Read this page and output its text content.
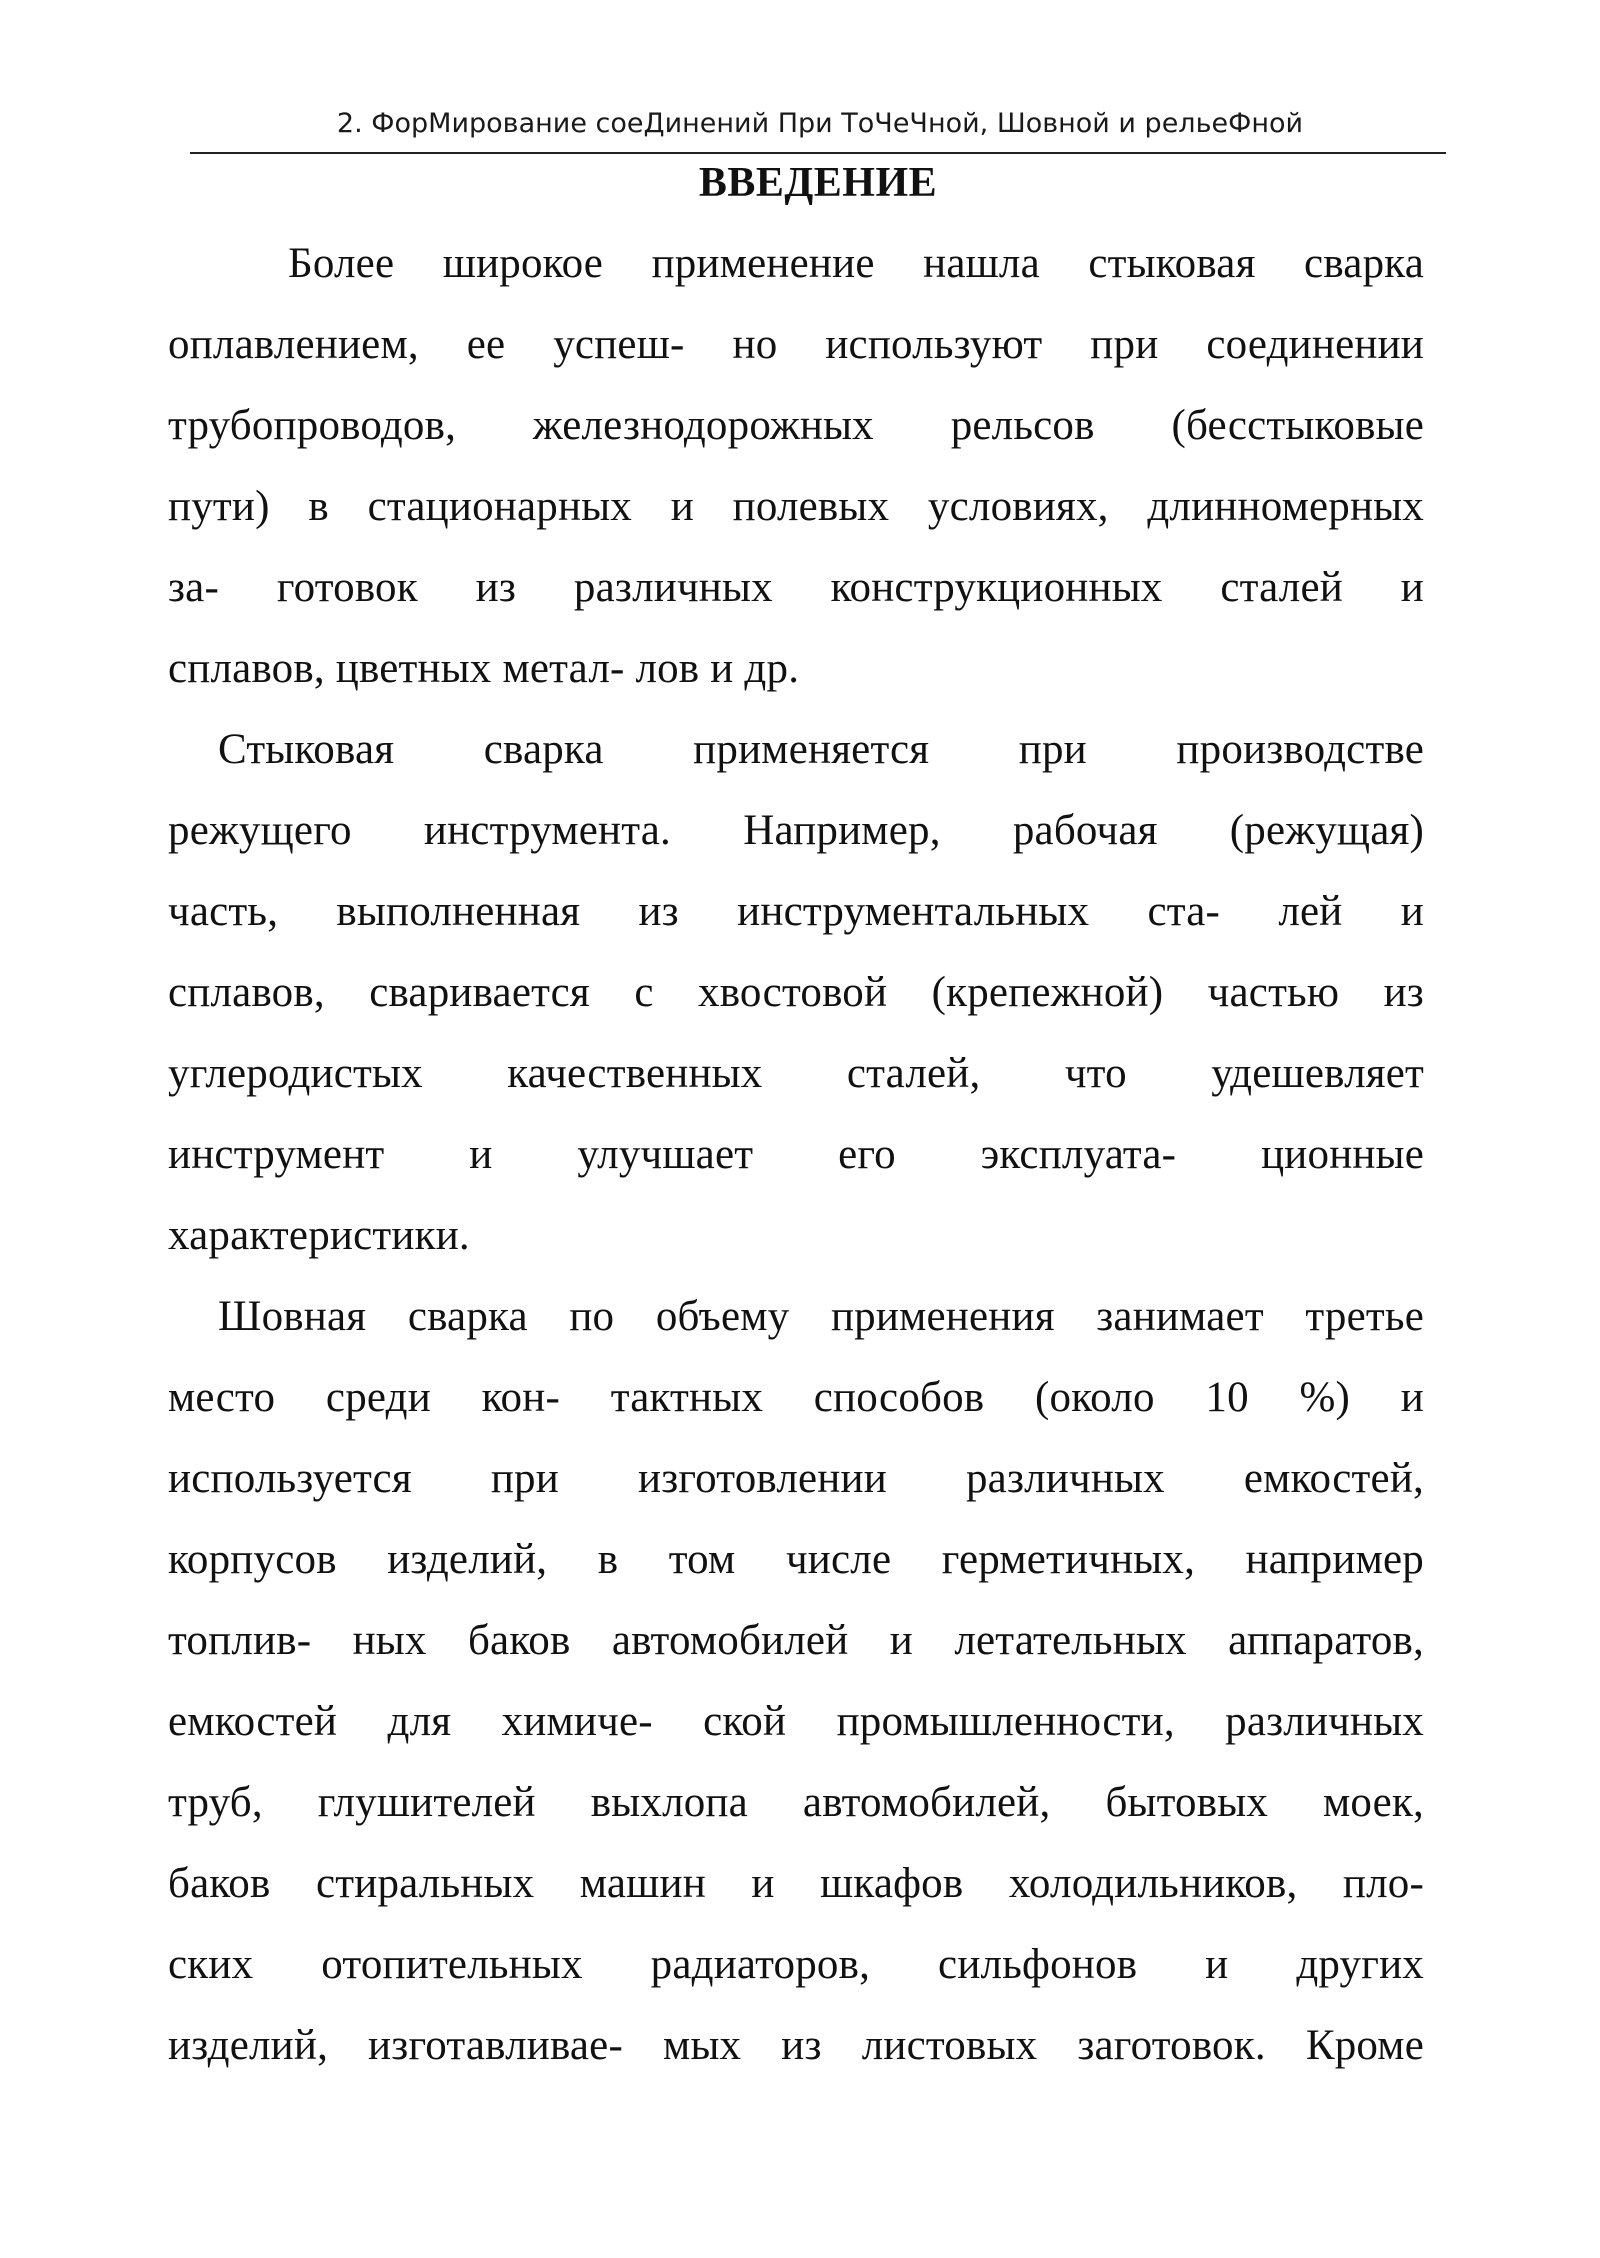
2. ФорМирование соеДинений При ТоЧеЧной, Шовной и рельеФной
ВВЕДЕНИЕ
Более широкое применение нашла стыковая сварка
оплавлением, ее успеш- но используют при соединении
трубопроводов, железнодорожных рельсов (бесстыковые
пути) в стационарных и полевых условиях, длинномерных
за- готовок из различных конструкционных сталей и
сплавов, цветных метал- лов и др.
Стыковая сварка применяется при производстве
режущего инструмента. Например, рабочая (режущая)
часть, выполненная из инструментальных ста- лей и
сплавов, сваривается с хвостовой (крепежной) частью из
углеродистых качественных сталей, что удешевляет
инструмент и улучшает его эксплуата- ционные
характеристики.
Шовная сварка по объему применения занимает третье
место среди кон- тактных способов (около 10 %) и
используется при изготовлении различных емкостей,
корпусов изделий, в том числе герметичных, например
топлив- ных баков автомобилей и летательных аппаратов,
емкостей для химиче- ской промышленности, различных
труб, глушителей выхлопа автомобилей, бытовых моек,
баков стиральных машин и шкафов холодильников, пло-
ских отопительных радиаторов, сильфонов и других
изделий, изготавливае- мых из листовых заготовок. Кроме
